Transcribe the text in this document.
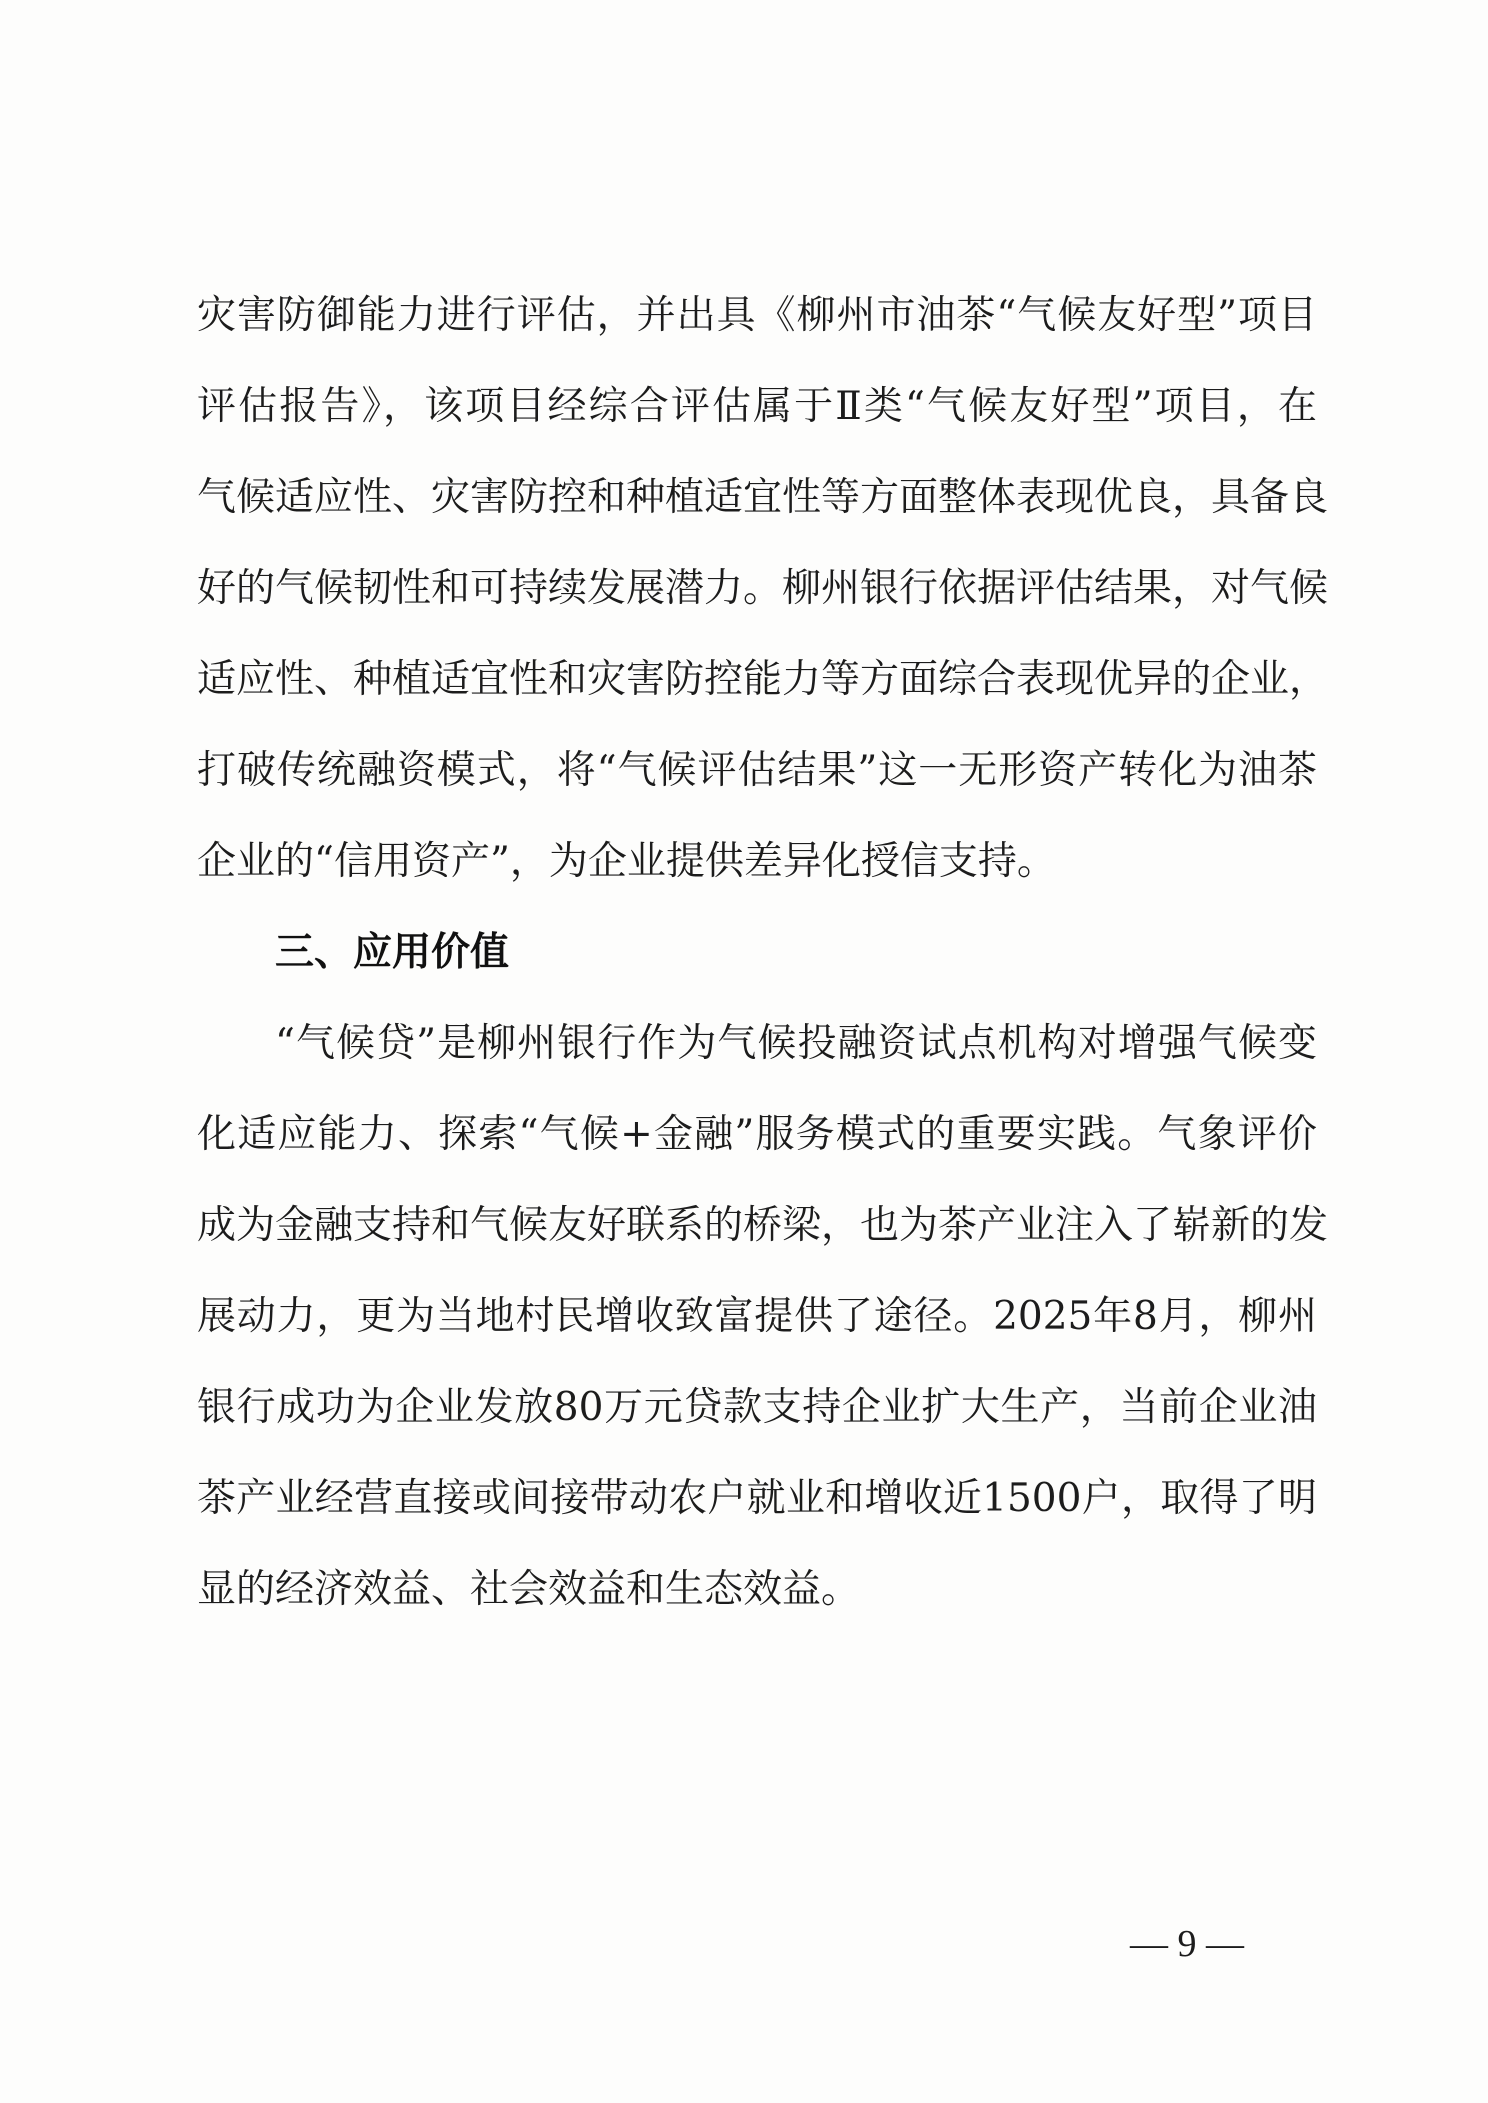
灾害防御能力进行评估，并出具《柳州市油茶“气候友好型”项目
评估报告》，该项目经综合评估属于Ⅱ类“气候友好型”项目，在
气候适应性、灾害防控和种植适宜性等方面整体表现优良，具备良
好的气候韧性和可持续发展潜力。柳州银行依据评估结果，对气候
适应性、种植适宜性和灾害防控能力等方面综合表现优异的企业，
打破传统融资模式，将“气候评估结果”这一无形资产转化为油茶
企业的“信用资产”，为企业提供差异化授信支持。
三、应用价值
“气候贷”是柳州银行作为气候投融资试点机构对增强气候变
化适应能力、探索“气候+金融”服务模式的重要实践。气象评价
成为金融支持和气候友好联系的桥梁，也为茶产业注入了崭新的发
展动力，更为当地村民增收致富提供了途径。2025年8月，柳州
银行成功为企业发放80万元贷款支持企业扩大生产，当前企业油
茶产业经营直接或间接带动农户就业和增收近1500户，取得了明
显的经济效益、社会效益和生态效益。
— 9 —
